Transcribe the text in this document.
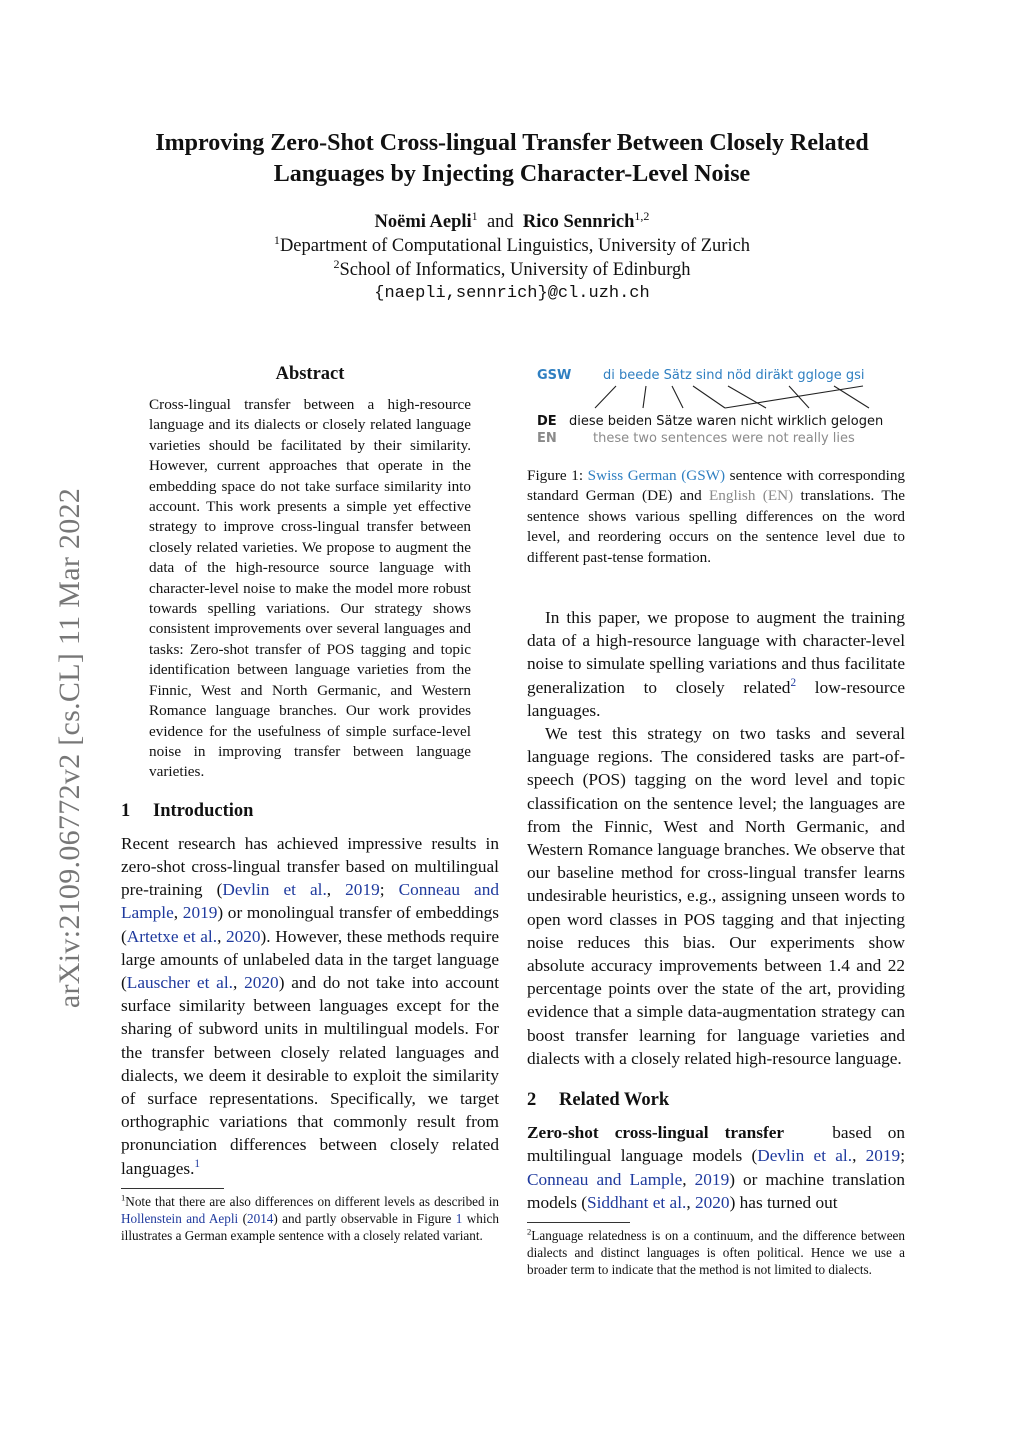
arXiv:2109.06772v2 [cs.CL] 11 Mar 2022
Improving Zero-Shot Cross-lingual Transfer Between Closely Related
Languages by Injecting Character-Level Noise
Noëmi Aepli$^1$ and Rico Sennrich$^{1,2}$
$^1$Department of Computational Linguistics, University of Zurich
$^2$School of Informatics, University of Edinburgh
{naepli,sennrich}@cl.uzh.ch
Abstract

Cross-lingual transfer between a high-resource language and its dialects or closely related language varieties should be facilitated by their similarity. However, current approaches that operate in the embedding space do not take surface similarity into account. This work presents a simple yet effective strategy to improve cross-lingual transfer between closely related varieties. We propose to augment the data of the high-resource source language with character-level noise to make the model more robust towards spelling variations. Our strategy shows consistent improvements over several languages and tasks: Zero-shot transfer of POS tagging and topic identification between language varieties from the Finnic, West and North Germanic, and Western Romance language branches. Our work provides evidence for the usefulness of simple surface-level noise in improving transfer between language varieties.

1 Introduction

Recent research has achieved impressive results in zero-shot cross-lingual transfer based on multilingual pre-training (Devlin et al., 2019; Conneau and Lample, 2019) or monolingual transfer of embeddings (Artetxe et al., 2020). However, these methods require large amounts of unlabeled data in the target language (Lauscher et al., 2020) and do not take into account surface similarity between languages except for the sharing of subword units in multilingual models. For the transfer between closely related languages and dialects, we deem it desirable to exploit the similarity of surface representations. Specifically, we target orthographic variations that commonly result from pronunciation differences between closely related languages.$^1$

$^1$Note that there are also differences on different levels as described in Hollenstein and Aepli (2014) and partly observable in Figure 1 which illustrates a German example sentence with a closely related variant.

GSW di beede Sätz sind nöd diräkt ggloge gsi
DE diese beiden Sätze waren nicht wirklich gelogen
EN	these two sentences were not really lies

Figure 1: Swiss German (GSW) sentence with corresponding standard German (DE) and English (EN) translations. The sentence shows various spelling differences on the word level, and reordering occurs on the sentence level due to different past-tense formation.

In this paper, we propose to augment the training data of a high-resource language with character-level noise to simulate spelling variations and thus facilitate generalization to closely related$^2$ low-resource languages.

We test this strategy on two tasks and several language regions. The considered tasks are part-of-speech (POS) tagging on the word level and topic classification on the sentence level; the languages are from the Finnic, West and North Germanic, and Western Romance language branches. We observe that our baseline method for cross-lingual transfer learns undesirable heuristics, e.g., assigning unseen words to open word classes in POS tagging and that injecting noise reduces this bias. Our experiments show absolute accuracy improvements between 1.4 and 22 percentage points over the state of the art, providing evidence that a simple data-augmentation strategy can boost transfer learning for language varieties and dialects with a closely related high-resource language.

2 Related Work

Zero-shot cross-lingual transfer   based on multilingual language models (Devlin et al., 2019; Conneau and Lample, 2019) or machine translation models (Siddhant et al., 2020) has turned out

$^2$Language relatedness is on a continuum, and the difference between dialects and distinct languages is often political. Hence we use a broader term to indicate that the method is not limited to dialects.
